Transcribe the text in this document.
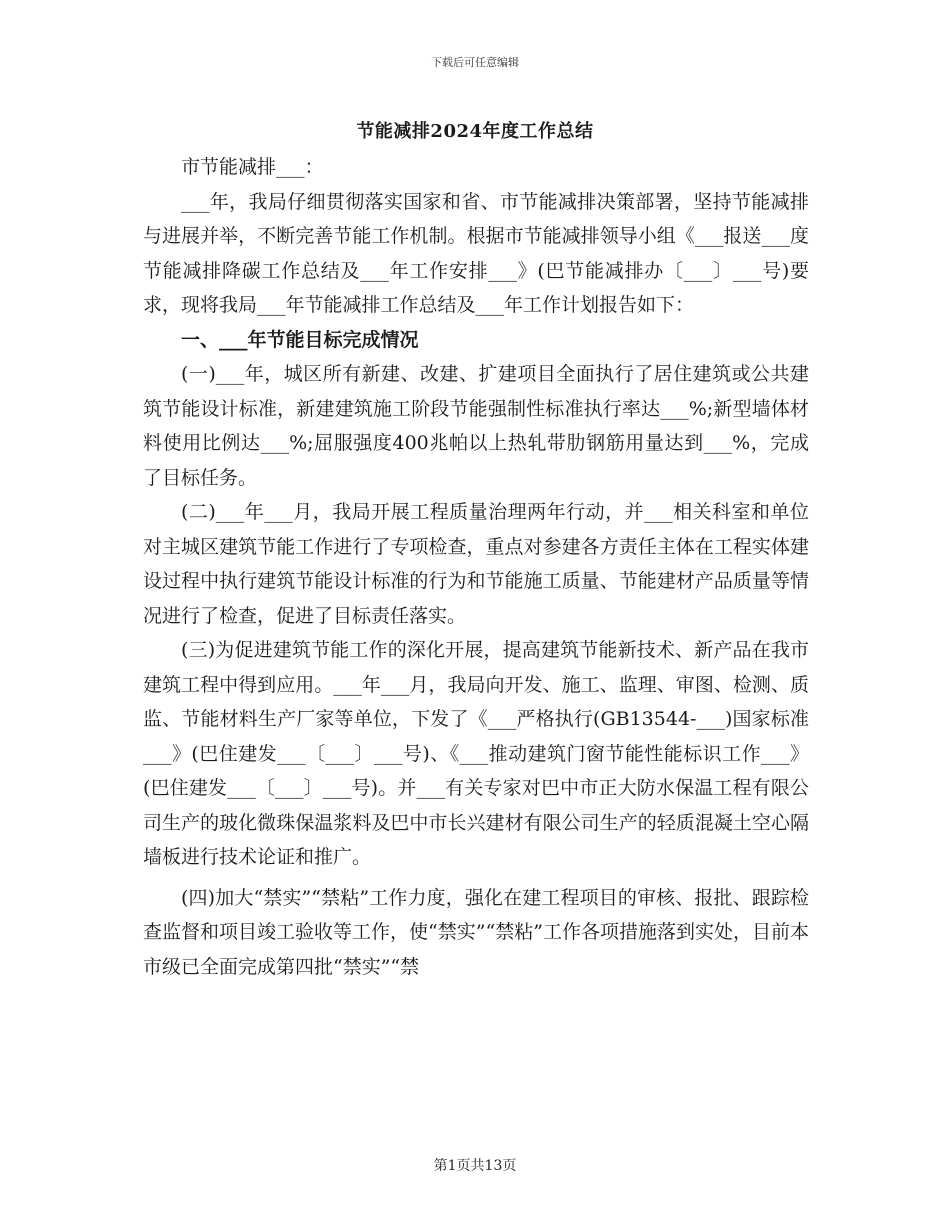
下载后可任意编辑
节能减排2024年度工作总结

市节能减排___：

___年，我局仔细贯彻落实国家和省、市节能减排决策部署，坚持节能减排与进展并举，不断完善节能工作机制。根据市节能减排领导小组《___报送___度节能减排降碳工作总结及___年工作安排___》(巴节能减排办〔___〕___号)要求，现将我局___年节能减排工作总结及___年工作计划报告如下：

一、___年节能目标完成情况

(一)___年，城区所有新建、改建、扩建项目全面执行了居住建筑或公共建筑节能设计标准，新建建筑施工阶段节能强制性标准执行率达___%;新型墙体材料使用比例达___%;屈服强度400兆帕以上热轧带肋钢筋用量达到___%，完成了目标任务。

(二)___年___月，我局开展工程质量治理两年行动，并___相关科室和单位对主城区建筑节能工作进行了专项检查，重点对参建各方责任主体在工程实体建设过程中执行建筑节能设计标准的行为和节能施工质量、节能建材产品质量等情况进行了检查，促进了目标责任落实。

(三)为促进建筑节能工作的深化开展，提高建筑节能新技术、新产品在我市建筑工程中得到应用。___年___月，我局向开发、施工、监理、审图、检测、质监、节能材料生产厂家等单位，下发了《___严格执行(GB13544-___)国家标准___》(巴住建发___〔___〕___号)、《___推动建筑门窗节能性能标识工作___》(巴住建发___〔___〕___号)。并___有关专家对巴中市正大防水保温工程有限公司生产的玻化微珠保温浆料及巴中市长兴建材有限公司生产的轻质混凝土空心隔墙板进行技术论证和推广。

(四)加大“禁实”“禁粘”工作力度，强化在建工程项目的审核、报批、跟踪检查监督和项目竣工验收等工作，使“禁实”“禁粘”工作各项措施落到实处，目前本市级已全面完成第四批“禁实”“禁

第1页共13页
